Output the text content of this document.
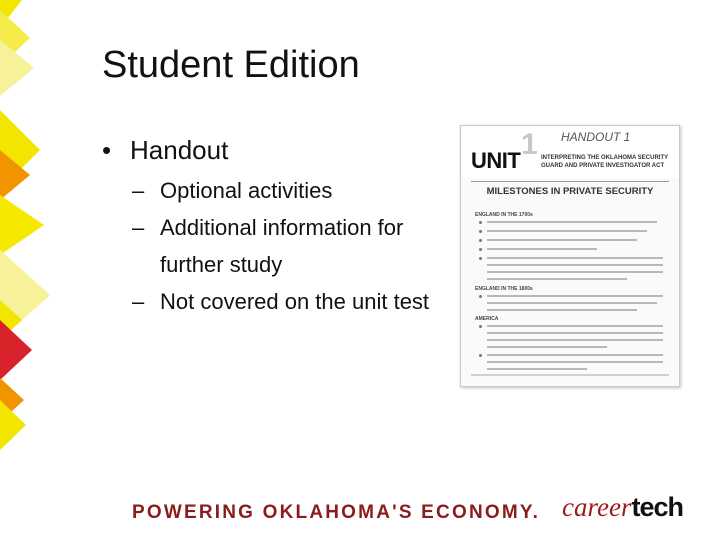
Student Edition
• Handout
– Optional activities
– Additional information for further study
– Not covered on the unit test
1
UNIT
HANDOUT 1
INTERPRETING THE OKLAHOMA SECURITY
GUARD AND PRIVATE INVESTIGATOR ACT
MILESTONES IN PRIVATE SECURITY
ENGLAND IN THE 1700s
ENGLAND IN THE 1800s
AMERICA
POWERING OKLAHOMA'S ECONOMY. careertech
